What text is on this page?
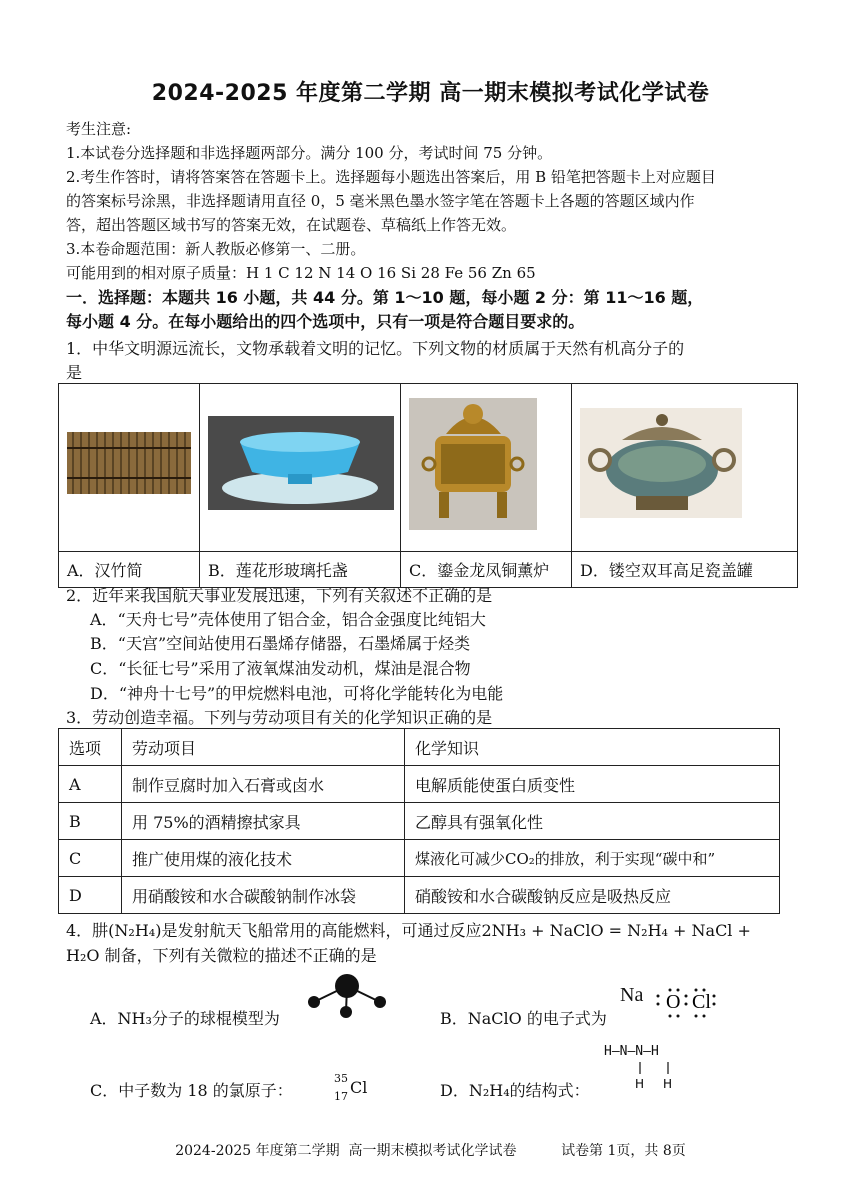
2024-2025 年度第二学期 高一期末模拟考试化学试卷
考生注意:
1.本试卷分选择题和非选择题两部分。满分 100 分，考试时间 75 分钟。
2.考生作答时，请将答案答在答题卡上。选择题每小题选出答案后，用 B 铅笔把答题卡上对应题目
的答案标号涂黑，非选择题请用直径 0，5 毫米黑色墨水签字笔在答题卡上各题的答题区域内作
答，超出答题区域书写的答案无效，在试题卷、草稿纸上作答无效。
3.本卷命题范围：新人教版必修第一、二册。
可能用到的相对原子质量：H 1 C 12 N 14 O 16 Si 28 Fe 56 Zn 65
一．选择题：本题共 16 小题，共 44 分。第 1～10 题，每小题 2 分：第 11～16 题，
每小题 4 分。在每小题给出的四个选项中，只有一项是符合题目要求的。
1．中华文明源远流长，文物承载着文明的记忆。下列文物的材质属于天然有机高分子的
是

A．汉竹简	B．莲花形玻璃托盏	C．鎏金龙凤铜薰炉	D．镂空双耳高足瓷盖罐
2．近年来我国航天事业发展迅速，下列有关叙述不正确的是
A．“天舟七号”壳体使用了铝合金，铝合金强度比纯铝大
B．“天宫”空间站使用石墨烯存储器，石墨烯属于烃类
C．“长征七号”采用了液氧煤油发动机，煤油是混合物
D．“神舟十七号”的甲烷燃料电池，可将化学能转化为电能
3．劳动创造幸福。下列与劳动项目有关的化学知识正确的是
选项	劳动项目	化学知识
A	制作豆腐时加入石膏或卤水	电解质能使蛋白质变性
B	用 75%的酒精擦拭家具	乙醇具有强氧化性
C	推广使用煤的液化技术	煤液化可减少CO₂的排放，利于实现“碳中和”
D	用硝酸铵和水合碳酸钠制作冰袋	硝酸铵和水合碳酸钠反应是吸热反应
4．肼(N₂H₄)是发射航天飞船常用的高能燃料，可通过反应2NH₃ + NaClO = N₂H₄ + NaCl +
H₂O 制备，下列有关微粒的描述不正确的是
A．NH₃分子的球棍模型为	B．NaClO 的电子式为
Na O Cl
C．中子数为 18 的氯原子：
35
17 Cl	D．N₂H₄的结构式：
H—N—N—H
H H
2024-2025 年度第二学期  高一期末模拟考试化学试卷	试卷第 1页，共 8页
